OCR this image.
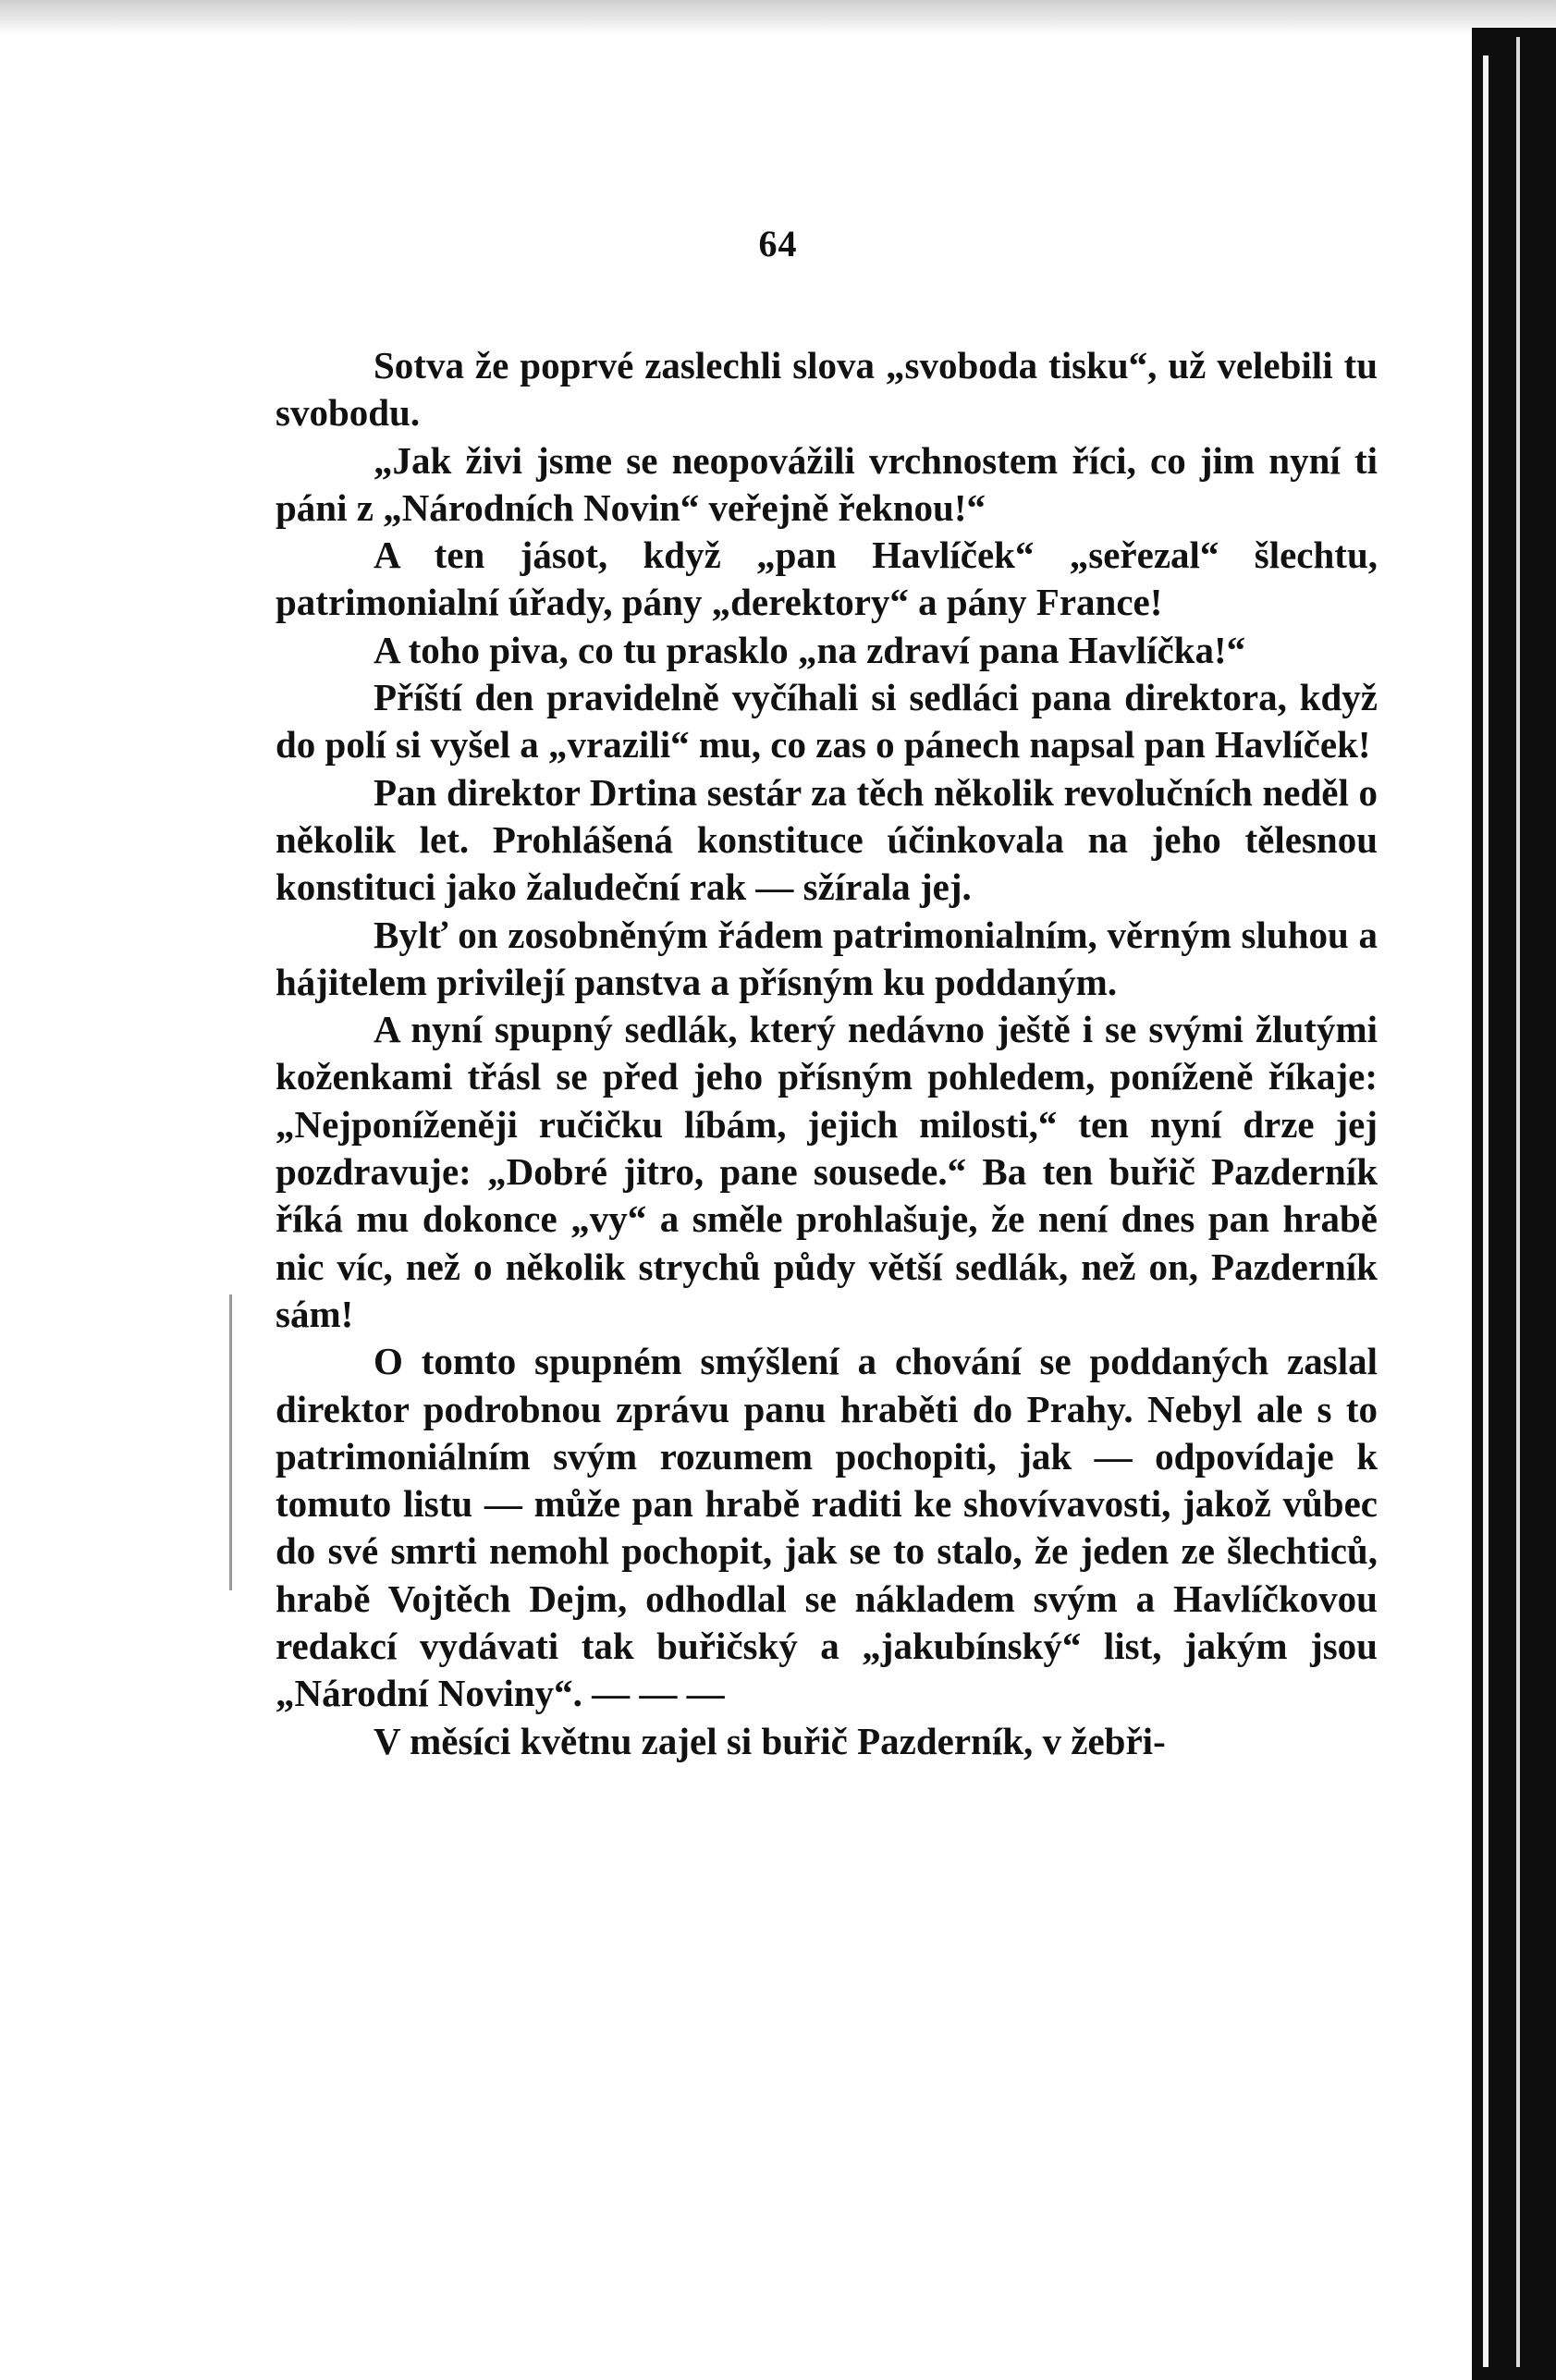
64

Sotva že poprvé zaslechli slova „svoboda tisku“, už velebili tu svobodu.

„Jak živi jsme se neopovážili vrchnostem říci, co jim nyní ti páni z „Národních Novin“ veřejně řeknou!“

A ten jásot, když „pan Havlíček“ „seřezal“ šlechtu, patrimonialní úřady, pány „derektory“ a pány France!

A toho piva, co tu prasklo „na zdraví pana Havlíčka!“

Příští den pravidelně vyčíhali si sedláci pana direktora, když do polí si vyšel a „vrazili“ mu, co zas o pánech napsal pan Havlíček!

Pan direktor Drtina sestár za těch několik revolučních neděl o několik let. Prohlášená konstituce účinkovala na jeho tělesnou konstituci jako žaludeční rak — sžírala jej.

Bylť on zosobněným řádem patrimonialním, věrným sluhou a hájitelem privilejí panstva a přísným ku poddaným.

A nyní spupný sedlák, který nedávno ještě i se svými žlutými koženkami třásl se před jeho přísným pohledem, poníženě říkaje: „Nejponíženěji ručičku líbám, jejich milosti,“ ten nyní drze jej pozdravuje: „Dobré jitro, pane sousede.“ Ba ten buřič Pazderník říká mu dokonce „vy“ a směle prohlašuje, že není dnes pan hrabě nic víc, než o několik strychů půdy větší sedlák, než on, Pazderník sám!

O tomto spupném smýšlení a chování se poddaných zaslal direktor podrobnou zprávu panu hraběti do Prahy. Nebyl ale s to patrimoniálním svým rozumem pochopiti, jak — odpovídaje k tomuto listu — může pan hrabě raditi ke shovívavosti, jakož vůbec do své smrti nemohl pochopit, jak se to stalo, že jeden ze šlechticů, hrabě Vojtěch Dejm, odhodlal se nákladem svým a Havlíčkovou redakcí vydávati tak buřičský a „jakubínský“ list, jakým jsou „Národní Noviny“. — — —

V měsíci květnu zajel si buřič Pazderník, v žebři-
